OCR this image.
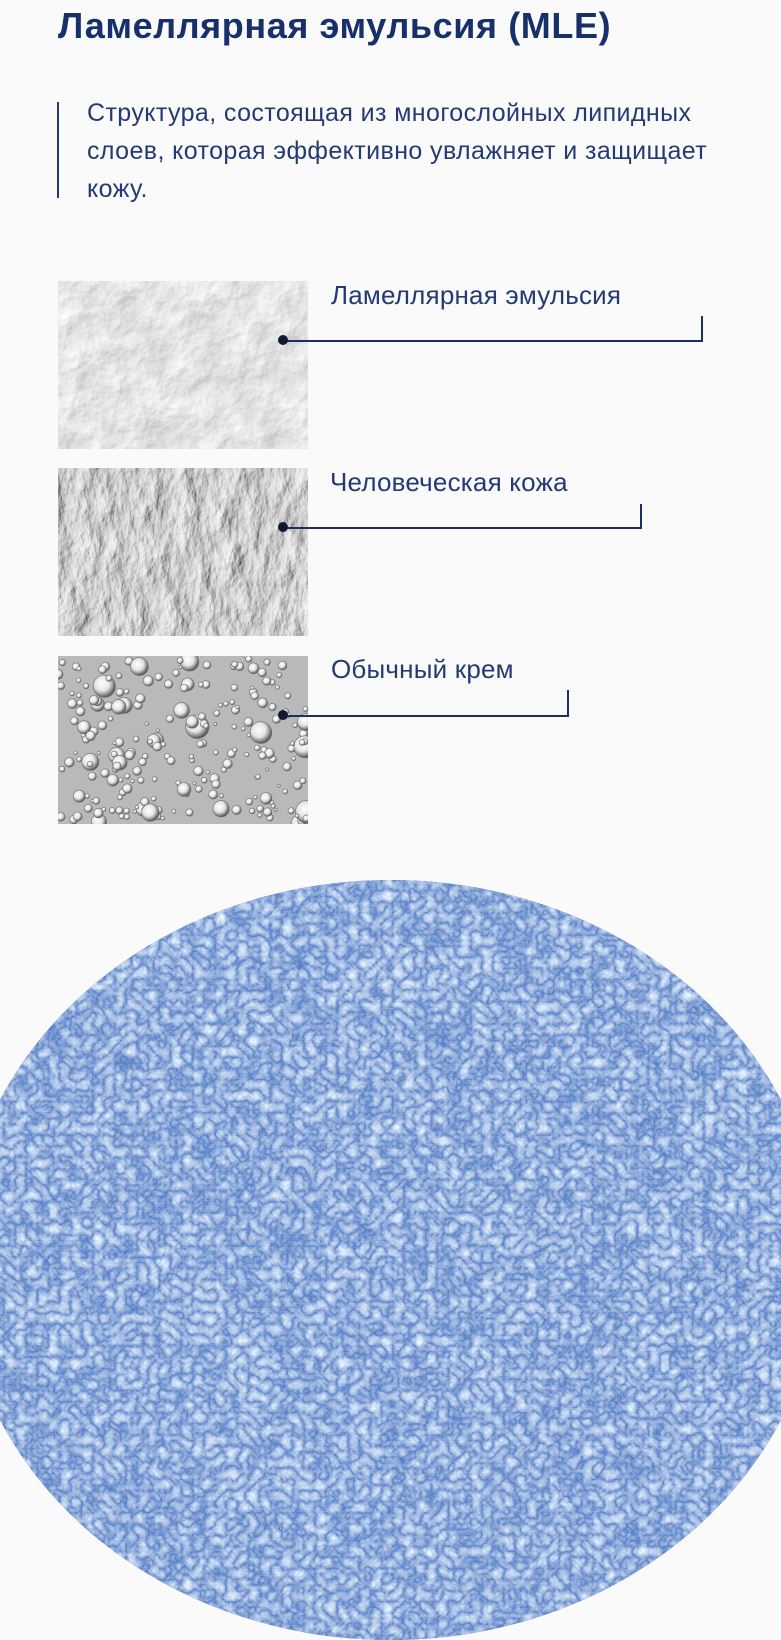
Ламеллярная эмульсия (MLE)

Структура, состоящая из многослойных липидных слоев, которая эффективно увлажняет и защищает кожу.

Ламеллярная эмульсия
Человеческая кожа
Обычный крем
